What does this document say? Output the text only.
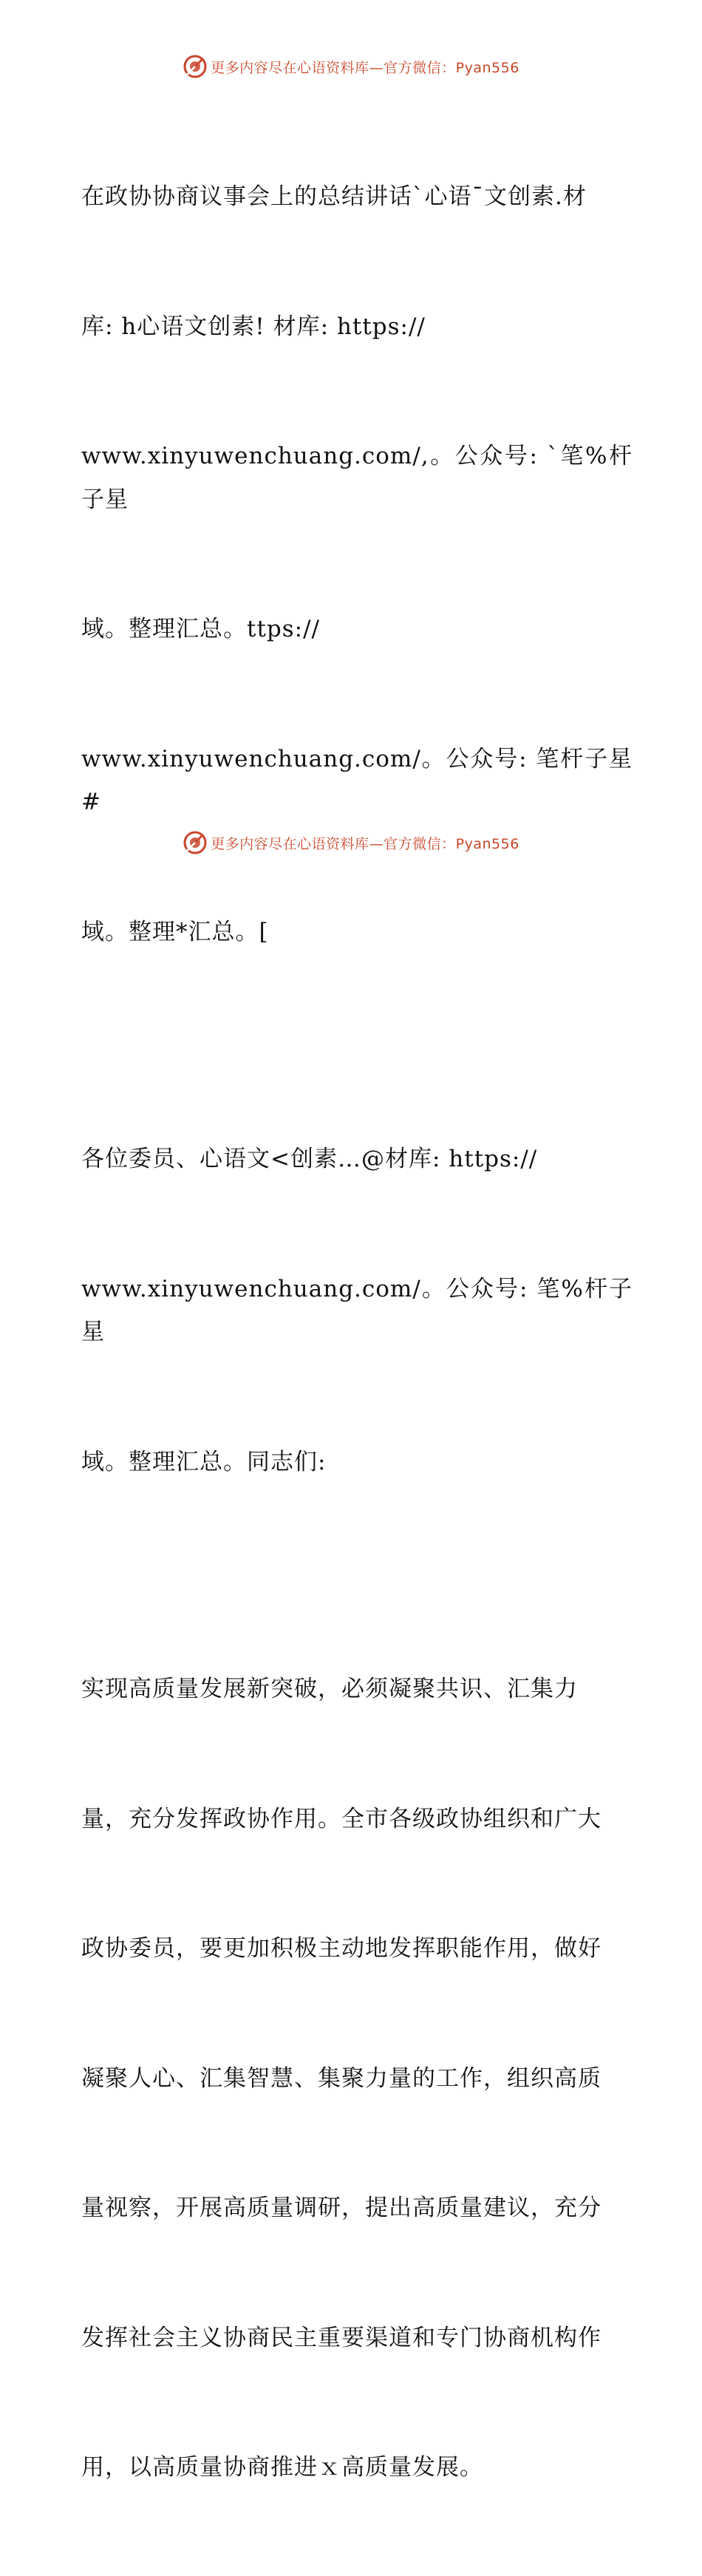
更多内容尽在心语资料库—官方微信：Pyan556

在政协协商议事会上的总结讲话`心语¯文创素.材

库: h心语文创素! 材库: https://

www.xinyuwenchuang.com/,。公众号: `笔%杆子星

域。整理汇总。ttps://

www.xinyuwenchuang.com/。公众号: 笔杆子星#

域。整理*汇总。[

各位委员、心语文<创素…@材库: https://

www.xinyuwenchuang.com/。公众号: 笔%杆子星

域。整理汇总。同志们:

实现高质量发展新突破，必须凝聚共识、汇集力

量，充分发挥政协作用。全市各级政协组织和广大

政协委员，要更加积极主动地发挥职能作用，做好

凝聚人心、汇集智慧、集聚力量的工作，组织高质

量视察，开展高质量调研，提出高质量建议，充分

发挥社会主义协商民主重要渠道和专门协商机构作

用，以高质量协商推进ｘ高质量发展。

更多内容尽在心语资料库—官方微信：Pyan556
